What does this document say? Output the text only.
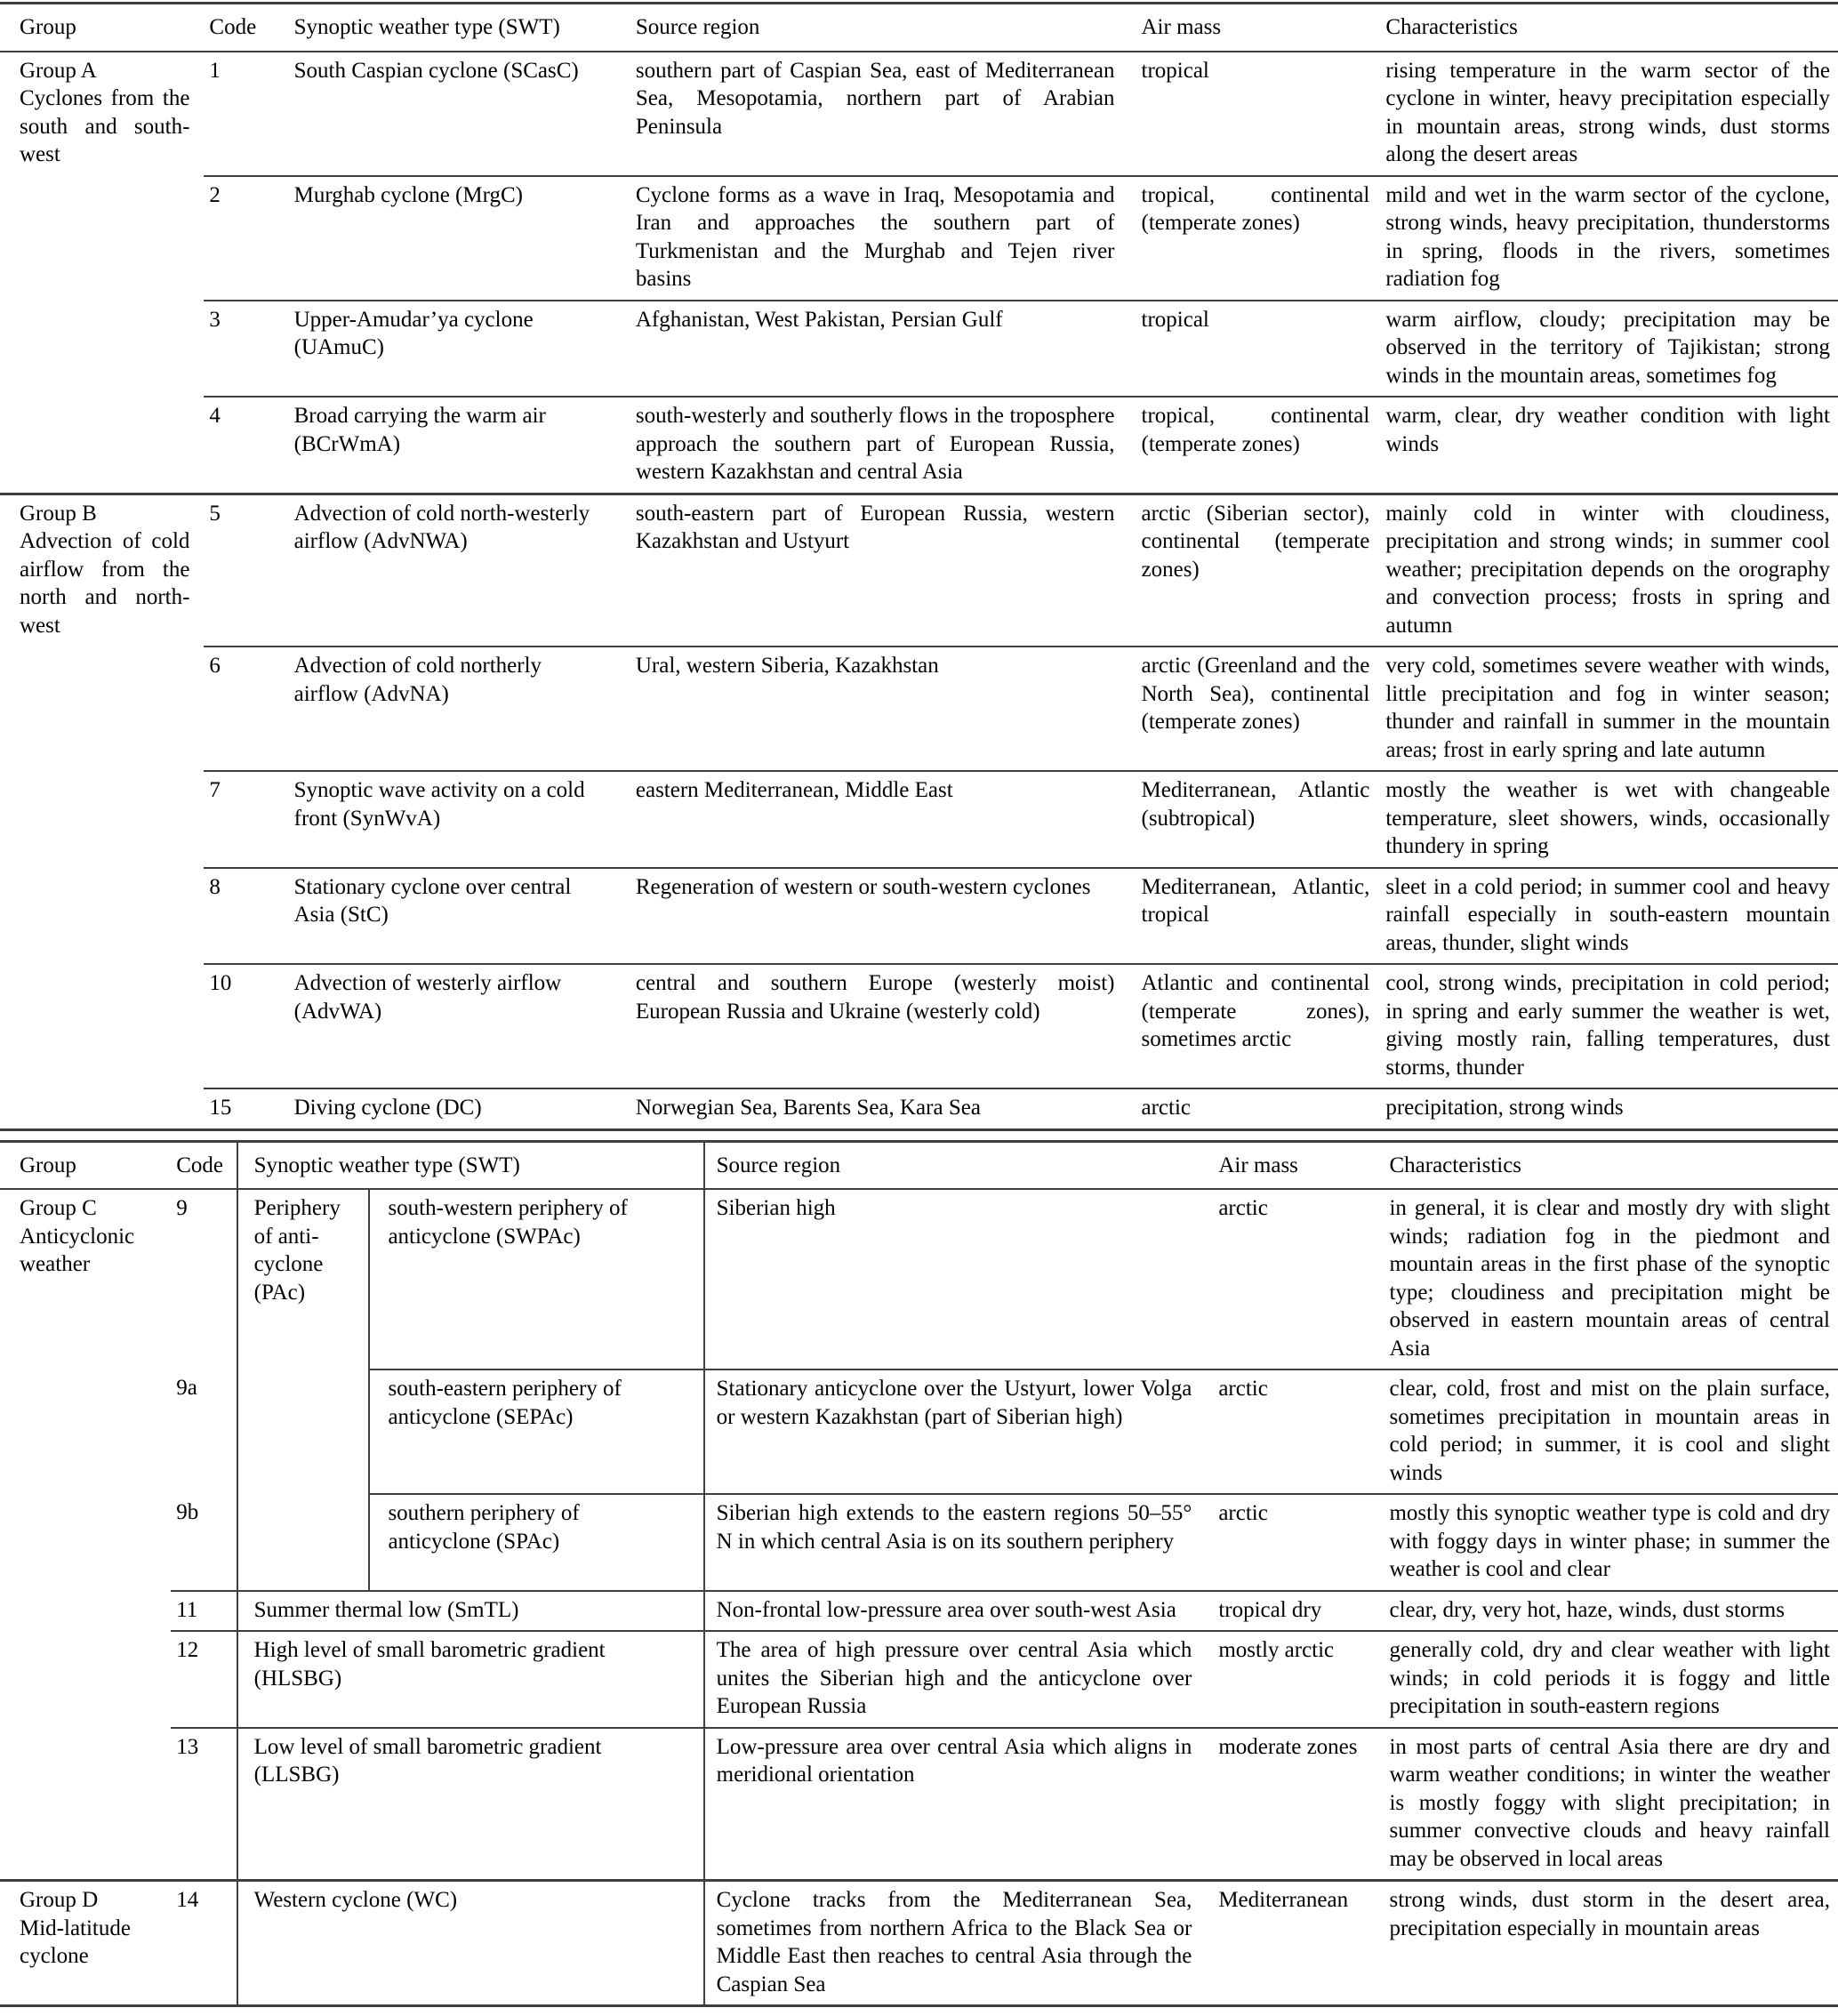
Group	Code	Synoptic weather type (SWT)	Source region	Air mass	Characteristics

Group A
Cyclones from the south and south-west	1	South Caspian cyclone (SCasC)	southern part of Caspian Sea, east of Mediterranean Sea, Mesopotamia, northern part of Arabian Peninsula	tropical	rising temperature in the warm sector of the cyclone in winter, heavy precipitation especially in mountain areas, strong winds, dust storms along the desert areas
	2	Murghab cyclone (MrgC)	Cyclone forms as a wave in Iraq, Mesopotamia and Iran and approaches the southern part of Turkmenistan and the Murghab and Tejen river basins	tropical, continental (temperate zones)	mild and wet in the warm sector of the cyclone, strong winds, heavy precipitation, thunderstorms in spring, floods in the rivers, sometimes radiation fog
	3	Upper-Amudar’ya cyclone (UAmuC)	Afghanistan, West Pakistan, Persian Gulf	tropical	warm airflow, cloudy; precipitation may be observed in the territory of Tajikistan; strong winds in the mountain areas, sometimes fog
	4	Broad carrying the warm air (BCrWmA)	south-westerly and southerly flows in the troposphere approach the southern part of European Russia, western Kazakhstan and central Asia	tropical, continental (temperate zones)	warm, clear, dry weather condition with light winds

Group B
Advection of cold airflow from the north and north-west	5	Advection of cold north-westerly airflow (AdvNWA)	south-eastern part of European Russia, western Kazakhstan and Ustyurt	arctic (Siberian sector), continental (temperate zones)	mainly cold in winter with cloudiness, precipitation and strong winds; in summer cool weather; precipitation depends on the orography and convection process; frosts in spring and autumn
	6	Advection of cold northerly airflow (AdvNA)	Ural, western Siberia, Kazakhstan	arctic (Greenland and the North Sea), continental (temperate zones)	very cold, sometimes severe weather with winds, little precipitation and fog in winter season; thunder and rainfall in summer in the mountain areas; frost in early spring and late autumn
	7	Synoptic wave activity on a cold front (SynWvA)	eastern Mediterranean, Middle East	Mediterranean, Atlantic (subtropical)	mostly the weather is wet with changeable temperature, sleet showers, winds, occasionally thundery in spring
	8	Stationary cyclone over central Asia (StC)	Regeneration of western or south-western cyclones	Mediterranean, Atlantic, tropical	sleet in a cold period; in summer cool and heavy rainfall especially in south-eastern mountain areas, thunder, slight winds
	10	Advection of westerly airflow (AdvWA)	central and southern Europe (westerly moist) European Russia and Ukraine (westerly cold)	Atlantic and continental (temperate zones), sometimes arctic	cool, strong winds, precipitation in cold period; in spring and early summer the weather is wet, giving mostly rain, falling temperatures, dust storms, thunder
	15	Diving cyclone (DC)	Norwegian Sea, Barents Sea, Kara Sea	arctic	precipitation, strong winds
Group	Code	Synoptic weather type (SWT)		Source region	Air mass	Characteristics

Group C
Anticyclonic weather	9	Periphery of anticyclone (PAc)	south-western periphery of anticyclone (SWPAc)	Siberian high	arctic	in general, it is clear and mostly dry with slight winds; radiation fog in the piedmont and mountain areas in the first phase of the synoptic type; cloudiness and precipitation might be observed in eastern mountain areas of central Asia
	9a		south-eastern periphery of anticyclone (SEPAc)	Stationary anticyclone over the Ustyurt, lower Volga or western Kazakhstan (part of Siberian high)	arctic	clear, cold, frost and mist on the plain surface, sometimes precipitation in mountain areas in cold period; in summer, it is cool and slight winds
	9b		southern periphery of anticyclone (SPAc)	Siberian high extends to the eastern regions 50–55° N in which central Asia is on its southern periphery	arctic	mostly this synoptic weather type is cold and dry with foggy days in winter phase; in summer the weather is cool and clear
	11	Summer thermal low (SmTL)		Non-frontal low-pressure area over south-west Asia	tropical dry	clear, dry, very hot, haze, winds, dust storms
	12	High level of small barometric gradient (HLSBG)		The area of high pressure over central Asia which unites the Siberian high and the anticyclone over European Russia	mostly arctic	generally cold, dry and clear weather with light winds; in cold periods it is foggy and little precipitation in south-eastern regions
	13	Low level of small barometric gradient (LLSBG)		Low-pressure area over central Asia which aligns in meridional orientation	moderate zones	in most parts of central Asia there are dry and warm weather conditions; in winter the weather is mostly foggy with slight precipitation; in summer convective clouds and heavy rainfall may be observed in local areas

Group D
Mid-latitude cyclone	14	Western cyclone (WC)		Cyclone tracks from the Mediterranean Sea, sometimes from northern Africa to the Black Sea or Middle East then reaches to central Asia through the Caspian Sea	Mediterranean	strong winds, dust storm in the desert area, precipitation especially in mountain areas
